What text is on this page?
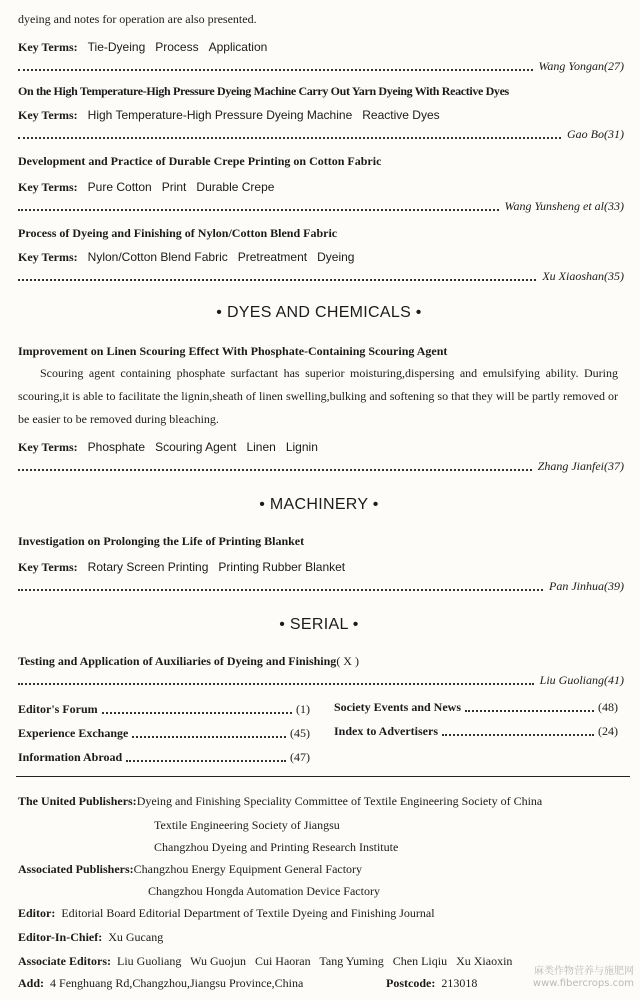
dyeing and notes for operation are also presented.
Key Terms: Tie-Dyeing Process Application
Wang Yongan(27)
On the High Temperature-High Pressure Dyeing Machine Carry Out Yarn Dyeing With Reactive Dyes
Key Terms: High Temperature-High Pressure Dyeing Machine Reactive Dyes
Gao Bo(31)
Development and Practice of Durable Crepe Printing on Cotton Fabric
Key Terms: Pure Cotton Print Durable Crepe
Wang Yunsheng et al(33)
Process of Dyeing and Finishing of Nylon/Cotton Blend Fabric
Key Terms: Nylon/Cotton Blend Fabric Pretreatment Dyeing
Xu Xiaoshan(35)
• DYES AND CHEMICALS •
Improvement on Linen Scouring Effect With Phosphate-Containing Scouring Agent
Scouring agent containing phosphate surfactant has superior moisturing,dispersing and emulsifying ability. During scouring,it is able to facilitate the lignin,sheath of linen swelling,bulking and softening so that they will be partly removed or be easier to be removed during bleaching.
Key Terms: Phosphate Scouring Agent Linen Lignin
Zhang Jianfei(37)
• MACHINERY •
Investigation on Prolonging the Life of Printing Blanket
Key Terms: Rotary Screen Printing Printing Rubber Blanket
Pan Jinhua(39)
• SERIAL •
Testing and Application of Auxiliaries of Dyeing and Finishing( X )
Liu Guoliang(41)
Editor's Forum	(1)
Experience Exchange	(45)
Information Abroad	(47)
Society Events and News	(48)
Index to Advertisers	(24)
The United Publishers:Dyeing and Finishing Speciality Committee of Textile Engineering Society of China
Textile Engineering Society of Jiangsu
Changzhou Dyeing and Printing Research Institute
Associated Publishers:Changzhou Energy Equipment General Factory
Changzhou Hongda Automation Device Factory
Editor: Editorial Board Editorial Department of Textile Dyeing and Finishing Journal
Editor-In-Chief: Xu Gucang
Associate Editors: Liu Guoliang   Wu Guojun   Cui Haoran   Tang Yuming   Chen Liqiu   Xu Xiaoxin
Add: 4 Fenghuang Rd,Changzhou,Jiangsu Province,China	Postcode: 213018
麻类作物营养与施肥网
www.fibercrops.com
